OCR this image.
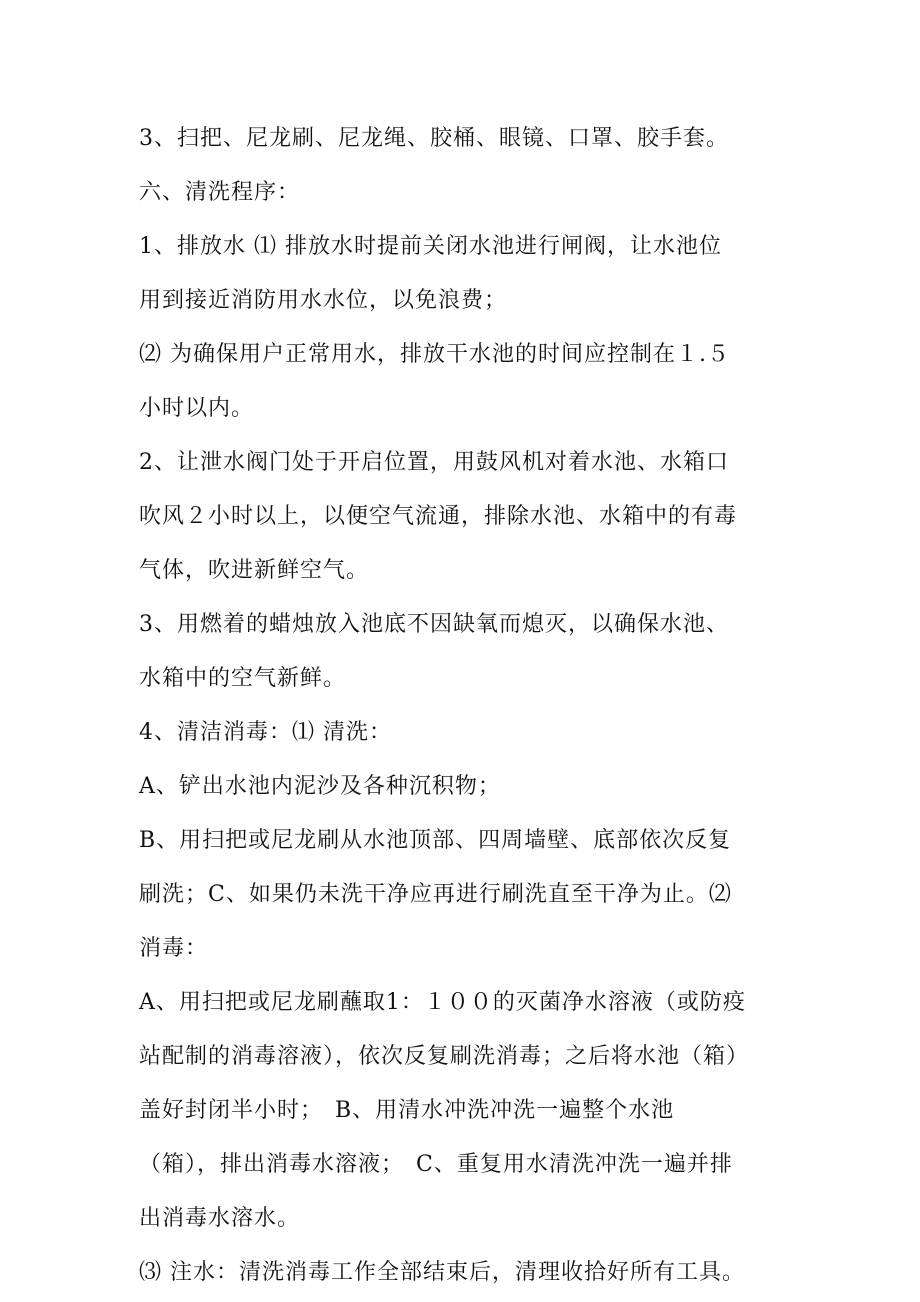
3、扫把、尼龙刷、尼龙绳、胶桶、眼镜、口罩、胶手套。
六、清洗程序：
1、排放水 ⑴ 排放水时提前关闭水池进行闸阀，让水池位
用到接近消防用水水位，以免浪费；
⑵ 为确保用户正常用水，排放干水池的时间应控制在１.５
小时以内。
2、让泄水阀门处于开启位置，用鼓风机对着水池、水箱口
吹风２小时以上，以便空气流通，排除水池、水箱中的有毒
气体，吹进新鲜空气。
3、用燃着的蜡烛放入池底不因缺氧而熄灭，以确保水池、
水箱中的空气新鲜。
4、清洁消毒：⑴ 清洗：
A、铲出水池内泥沙及各种沉积物；
B、用扫把或尼龙刷从水池顶部、四周墙壁、底部依次反复
刷洗；C、如果仍未洗干净应再进行刷洗直至干净为止。⑵
消毒：
A、用扫把或尼龙刷蘸取1：１００的灭菌净水溶液（或防疫
站配制的消毒溶液），依次反复刷洗消毒；之后将水池（箱）
盖好封闭半小时；　B、用清水冲洗冲洗一遍整个水池
（箱），排出消毒水溶液；　C、重复用水清洗冲洗一遍并排
出消毒水溶水。
⑶ 注水：清洗消毒工作全部结束后，清理收拾好所有工具。
